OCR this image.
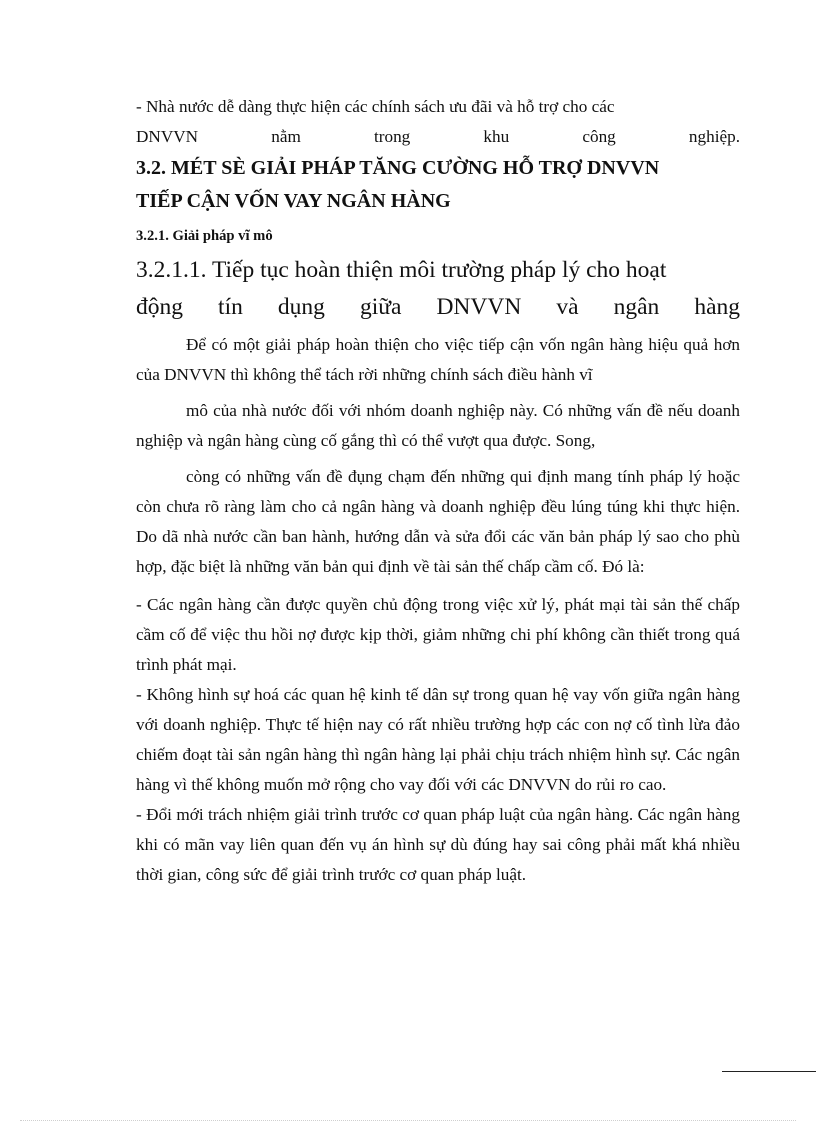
- Nhà nước dễ dàng thực hiện các chính sách ưu đãi và hỗ trợ cho các

DNVVN nằm trong khu công nghiệp.

3.2. MÉT SÈ GIẢI PHÁP TĂNG CƯỜNG HỖ TRỢ DNVVN

TIẾP CẬN VỐN VAY NGÂN HÀNG

3.2.1. Giải pháp vĩ mô

3.2.1.1. Tiếp tục hoàn thiện môi trường pháp lý cho hoạt
động tín dụng giữa DNVVN và ngân hàng

Để có một giải pháp hoàn thiện cho việc tiếp cận vốn ngân hàng hiệu quả hơn của DNVVN thì không thể tách rời những chính sách điều hành vĩ

mô của nhà nước đối với nhóm doanh nghiệp này. Có những vấn đề nếu doanh nghiệp và ngân hàng cùng cố gắng thì có thể vượt qua được. Song,

còng có những vấn đề đụng chạm đến những qui định mang tính pháp lý hoặc còn chưa rõ ràng làm cho cả ngân hàng và doanh nghiệp đều lúng túng khi thực hiện. Do dã nhà nước cần ban hành, hướng dẫn và sửa đổi các văn bản pháp lý sao cho phù hợp, đặc biệt là những văn bản qui định về tài sản thế chấp cầm cố. Đó là:

- Các ngân hàng cần được quyền chủ động trong việc xử lý, phát mại tài sản thế chấp cầm cố để việc thu hồi nợ được kịp thời, giảm những chi phí không cần thiết trong quá trình phát mại.

- Không hình sự hoá các quan hệ kinh tế dân sự trong quan hệ vay vốn giữa ngân hàng với doanh nghiệp. Thực tế hiện nay có rất nhiều trường hợp các con nợ cố tình lừa đảo chiếm đoạt tài sản ngân hàng thì ngân hàng lại phải chịu trách nhiệm hình sự. Các ngân hàng vì thế không muốn mở rộng cho vay đối với các DNVVN do rủi ro cao.

- Đổi mới trách nhiệm giải trình trước cơ quan pháp luật của ngân hàng. Các ngân hàng khi có mãn vay liên quan đến vụ án hình sự dù đúng hay sai công phải mất khá nhiều thời gian, công sức để giải trình trước cơ quan pháp luật.
